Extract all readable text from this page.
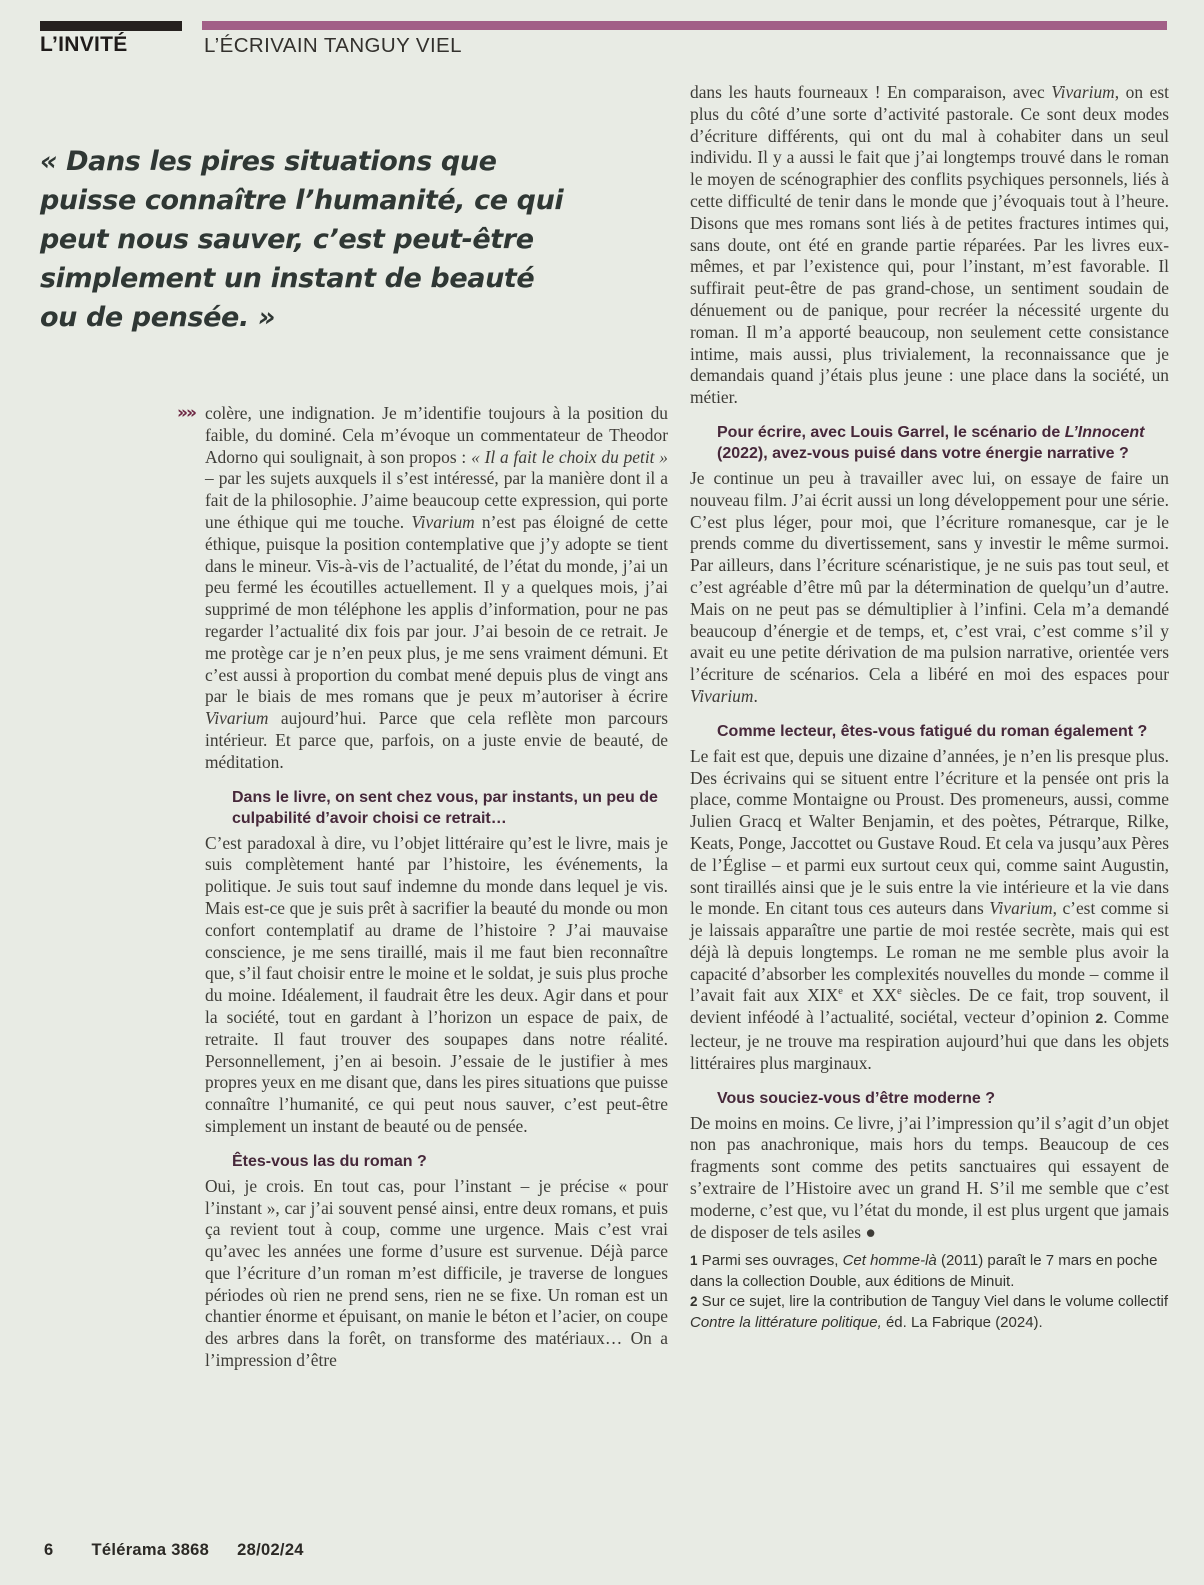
L’INVITÉ	L’ÉCRIVAIN TANGUY VIEL
« Dans les pires situations que puisse connaître l’humanité, ce qui peut nous sauver, c’est peut-être simplement un instant de beauté ou de pensée. »

»» colère, une indignation. Je m’identifie toujours à la position du faible, du dominé. Cela m’évoque un commentateur de Theodor Adorno qui soulignait, à son propos : « Il a fait le choix du petit » – par les sujets auxquels il s’est intéressé, par la manière dont il a fait de la philosophie. J’aime beaucoup cette expression, qui porte une éthique qui me touche. Vivarium n’est pas éloigné de cette éthique, puisque la position contemplative que j’y adopte se tient dans le mineur. Vis-à-vis de l’actualité, de l’état du monde, j’ai un peu fermé les écoutilles actuellement. Il y a quelques mois, j’ai supprimé de mon téléphone les applis d’information, pour ne pas regarder l’actualité dix fois par jour. J’ai besoin de ce retrait. Je me protège car je n’en peux plus, je me sens vraiment démuni. Et c’est aussi à proportion du combat mené depuis plus de vingt ans par le biais de mes romans que je peux m’autoriser à écrire Vivarium aujourd’hui. Parce que cela reflète mon parcours intérieur. Et parce que, parfois, on a juste envie de beauté, de méditation.

Dans le livre, on sent chez vous, par instants, un peu de culpabilité d’avoir choisi ce retrait…

C’est paradoxal à dire, vu l’objet littéraire qu’est le livre, mais je suis complètement hanté par l’histoire, les événements, la politique. Je suis tout sauf indemne du monde dans lequel je vis. Mais est-ce que je suis prêt à sacrifier la beauté du monde ou mon confort contemplatif au drame de l’histoire ? J’ai mauvaise conscience, je me sens tiraillé, mais il me faut bien reconnaître que, s’il faut choisir entre le moine et le soldat, je suis plus proche du moine. Idéalement, il faudrait être les deux. Agir dans et pour la société, tout en gardant à l’horizon un espace de paix, de retraite. Il faut trouver des soupapes dans notre réalité. Personnellement, j’en ai besoin. J’essaie de le justifier à mes propres yeux en me disant que, dans les pires situations que puisse connaître l’humanité, ce qui peut nous sauver, c’est peut-être simplement un instant de beauté ou de pensée.

Êtes-vous las du roman ?

Oui, je crois. En tout cas, pour l’instant – je précise « pour l’instant », car j’ai souvent pensé ainsi, entre deux romans, et puis ça revient tout à coup, comme une urgence. Mais c’est vrai qu’avec les années une forme d’usure est survenue. Déjà parce que l’écriture d’un roman m’est difficile, je traverse de longues périodes où rien ne prend sens, rien ne se fixe. Un roman est un chantier énorme et épuisant, on manie le béton et l’acier, on coupe des arbres dans la forêt, on transforme des matériaux… On a l’impression d’être

dans les hauts fourneaux ! En comparaison, avec Vivarium, on est plus du côté d’une sorte d’activité pastorale. Ce sont deux modes d’écriture différents, qui ont du mal à cohabiter dans un seul individu. Il y a aussi le fait que j’ai longtemps trouvé dans le roman le moyen de scénographier des conflits psychiques personnels, liés à cette difficulté de tenir dans le monde que j’évoquais tout à l’heure. Disons que mes romans sont liés à de petites fractures intimes qui, sans doute, ont été en grande partie réparées. Par les livres eux-mêmes, et par l’existence qui, pour l’instant, m’est favorable. Il suffirait peut-être de pas grand-chose, un sentiment soudain de dénuement ou de panique, pour recréer la nécessité urgente du roman. Il m’a apporté beaucoup, non seulement cette consistance intime, mais aussi, plus trivialement, la reconnaissance que je demandais quand j’étais plus jeune : une place dans la société, un métier.

Pour écrire, avec Louis Garrel, le scénario de L’Innocent (2022), avez-vous puisé dans votre énergie narrative ?

Je continue un peu à travailler avec lui, on essaye de faire un nouveau film. J’ai écrit aussi un long développement pour une série. C’est plus léger, pour moi, que l’écriture romanesque, car je le prends comme du divertissement, sans y investir le même surmoi. Par ailleurs, dans l’écriture scénaristique, je ne suis pas tout seul, et c’est agréable d’être mû par la détermination de quelqu’un d’autre. Mais on ne peut pas se démultiplier à l’infini. Cela m’a demandé beaucoup d’énergie et de temps, et, c’est vrai, c’est comme s’il y avait eu une petite dérivation de ma pulsion narrative, orientée vers l’écriture de scénarios. Cela a libéré en moi des espaces pour Vivarium.

Comme lecteur, êtes-vous fatigué du roman également ?

Le fait est que, depuis une dizaine d’années, je n’en lis presque plus. Des écrivains qui se situent entre l’écriture et la pensée ont pris la place, comme Montaigne ou Proust. Des promeneurs, aussi, comme Julien Gracq et Walter Benjamin, et des poètes, Pétrarque, Rilke, Keats, Ponge, Jaccottet ou Gustave Roud. Et cela va jusqu’aux Pères de l’Église – et parmi eux surtout ceux qui, comme saint Augustin, sont tiraillés ainsi que je le suis entre la vie intérieure et la vie dans le monde. En citant tous ces auteurs dans Vivarium, c’est comme si je laissais apparaître une partie de moi restée secrète, mais qui est déjà là depuis longtemps. Le roman ne me semble plus avoir la capacité d’absorber les complexités nouvelles du monde – comme il l’avait fait aux XIXe et XXe siècles. De ce fait, trop souvent, il devient inféodé à l’actualité, sociétal, vecteur d’opinion 2. Comme lecteur, je ne trouve ma respiration aujourd’hui que dans les objets littéraires plus marginaux.

Vous souciez-vous d’être moderne ?

De moins en moins. Ce livre, j’ai l’impression qu’il s’agit d’un objet non pas anachronique, mais hors du temps. Beaucoup de ces fragments sont comme des petits sanctuaires qui essayent de s’extraire de l’Histoire avec un grand H. S’il me semble que c’est moderne, c’est que, vu l’état du monde, il est plus urgent que jamais de disposer de tels asiles ●

1 Parmi ses ouvrages, Cet homme-là (2011) paraît le 7 mars en poche dans la collection Double, aux éditions de Minuit.

2 Sur ce sujet, lire la contribution de Tanguy Viel dans le volume collectif Contre la littérature politique, éd. La Fabrique (2024).

6 Télérama 3868 28/02/24
